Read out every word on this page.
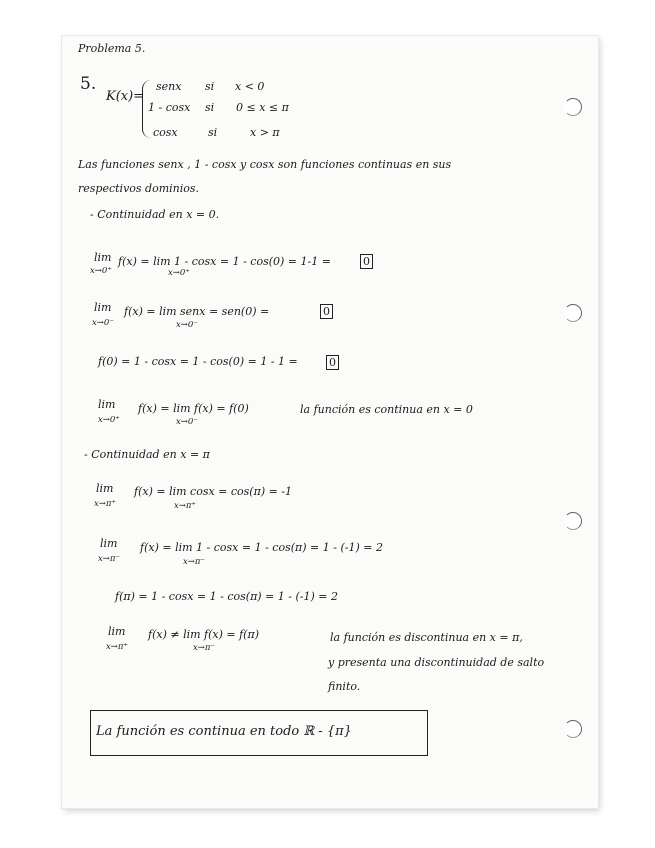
Problema 5.
5.
K(x)=
senx si x < 0
1 - cosx si 0 ≤ x ≤ π
cosx	si	x > π
Las funciones senx , 1 - cosx y cosx son funciones continuas en sus
respectivos dominios.
- Continuidad en x = 0.
lim
x→0⁺
f(x) = lim 1 - cosx = 1 - cos(0) = 1-1 =
x→0⁺
0
lim
x→0⁻
f(x) = lim senx = sen(0) =
x→0⁻
0
f(0) = 1 - cosx = 1 - cos(0) = 1 - 1 =	0
lim
x→0⁺
f(x) = lim f(x) = f(0)
x→0⁻
la función es continua en x = 0
- Continuidad en x = π
lim
x→π⁺
f(x) = lim cosx = cos(π) = -1
x→π⁺
lim
x→π⁻
f(x) = lim 1 - cosx = 1 - cos(π) = 1 - (-1) = 2
x→π⁻
f(π) = 1 - cosx = 1 - cos(π) = 1 - (-1) = 2
lim
x→π⁺
f(x) ≠ lim f(x) = f(π)
x→π⁻
la función es discontinua en x = π,
y presenta una discontinuidad de salto
finito.
La función es continua en todo ℝ - {π}
